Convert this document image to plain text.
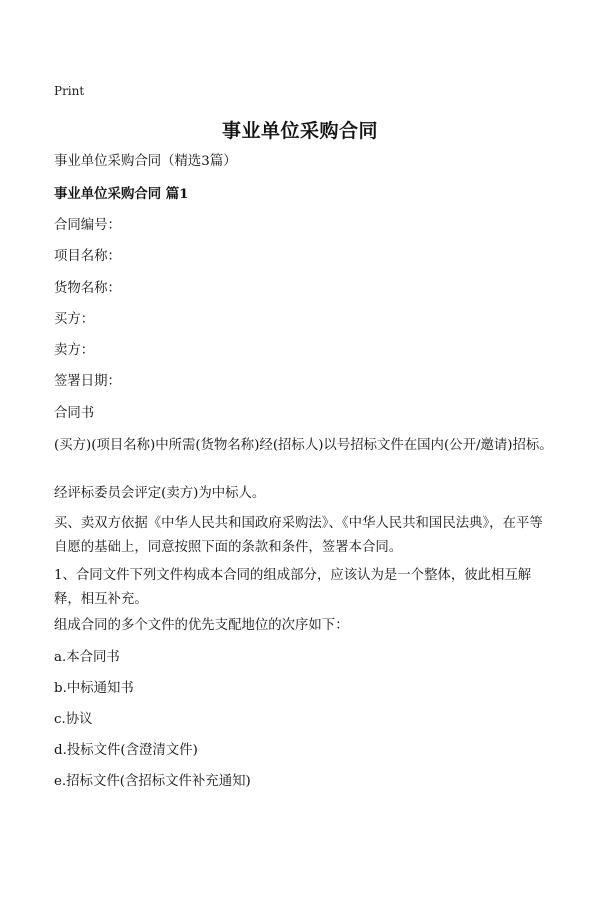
Print
事业单位采购合同
事业单位采购合同（精选3篇）
事业单位采购合同 篇1
合同编号：
项目名称：
货物名称：
买方：
卖方：
签署日期：
合同书
(买方)(项目名称)中所需(货物名称)经(招标人)以号招标文件在国内(公开/邀请)招标。
经评标委员会评定(卖方)为中标人。
买、卖双方依据《中华人民共和国政府采购法》、《中华人民共和国民法典》，在平等自愿的基础上，同意按照下面的条款和条件，签署本合同。
1、合同文件下列文件构成本合同的组成部分，应该认为是一个整体，彼此相互解释，相互补充。
组成合同的多个文件的优先支配地位的次序如下：
a.本合同书
b.中标通知书
c.协议
d.投标文件(含澄清文件)
e.招标文件(含招标文件补充通知)
